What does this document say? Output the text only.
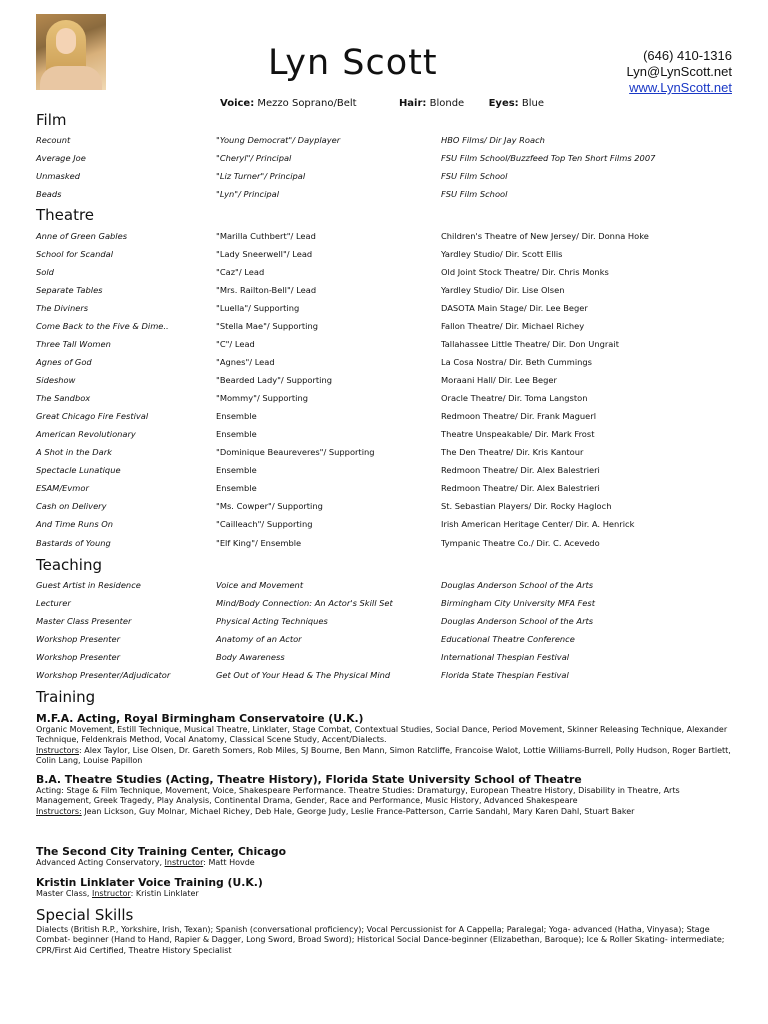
Lyn Scott	(646) 410-1316
Lyn@LynScott.net
www.LynScott.net
Voice: Mezzo Soprano/Belt	Hair: Blonde Eyes: Blue
Film
Theatre
Teaching
Training
Special Skills
Recount	"Young Democrat"/ Dayplayer	HBO Films/ Dir Jay Roach
Average Joe	"Cheryl"/ Principal	FSU Film School/Buzzfeed Top Ten Short Films 2007
Unmasked	"Liz Turner"/ Principal	FSU Film School
Beads	"Lyn"/ Principal	FSU Film School
Anne of Green Gables	"Marilla Cuthbert"/ Lead	Children's Theatre of New Jersey/ Dir. Donna Hoke
School for Scandal	"Lady Sneerwell"/ Lead	Yardley Studio/ Dir. Scott Ellis
Sold	"Caz"/ Lead	Old Joint Stock Theatre/ Dir. Chris Monks
Separate Tables	"Mrs. Railton-Bell"/ Lead	Yardley Studio/ Dir. Lise Olsen
The Diviners	"Luella"/ Supporting	DASOTA Main Stage/ Dir. Lee Beger
Come Back to the Five & Dime..	"Stella Mae"/ Supporting	Fallon Theatre/ Dir. Michael Richey
Three Tall Women	"C"/ Lead	Tallahassee Little Theatre/ Dir. Don Ungrait
Agnes of God	"Agnes"/ Lead	La Cosa Nostra/ Dir. Beth Cummings
Sideshow	"Bearded Lady"/ Supporting	Moraani Hall/ Dir. Lee Beger
The Sandbox	"Mommy"/ Supporting	Oracle Theatre/ Dir. Toma Langston
Great Chicago Fire Festival	Ensemble	Redmoon Theatre/ Dir. Frank Maguerl
American Revolutionary	Ensemble	Theatre Unspeakable/ Dir. Mark Frost
A Shot in the Dark	"Dominique Beaureveres"/ Supporting	The Den Theatre/ Dir. Kris Kantour
Spectacle Lunatique	Ensemble	Redmoon Theatre/ Dir. Alex Balestrieri
ESAM/Evmor	Ensemble	Redmoon Theatre/ Dir. Alex Balestrieri
Cash on Delivery	"Ms. Cowper"/ Supporting	St. Sebastian Players/ Dir. Rocky Hagloch
And Time Runs On	"Cailleach"/ Supporting	Irish American Heritage Center/ Dir. A. Henrick
Bastards of Young	"Elf King"/ Ensemble	Tympanic Theatre Co./ Dir. C. Acevedo
Guest Artist in Residence	Voice and Movement	Douglas Anderson School of the Arts
Lecturer	Mind/Body Connection: An Actor's Skill Set	Birmingham City University MFA Fest
Master Class Presenter	Physical Acting Techniques	Douglas Anderson School of the Arts
Workshop Presenter	Anatomy of an Actor	Educational Theatre Conference
Workshop Presenter	Body Awareness	International Thespian Festival
Workshop Presenter/Adjudicator	Get Out of Your Head & The Physical Mind	Florida State Thespian Festival
M.F.A. Acting, Royal Birmingham Conservatoire (U.K.)
Organic Movement, Estill Technique, Musical Theatre, Linklater, Stage Combat, Contextual Studies, Social Dance, Period Movement, Skinner Releasing Technique, Alexander Technique, Feldenkrais Method, Vocal Anatomy, Classical Scene Study, Accent/Dialects.
Instructors: Alex Taylor, Lise Olsen, Dr. Gareth Somers, Rob Miles, SJ Bourne, Ben Mann, Simon Ratcliffe, Francoise Walot, Lottie Williams-Burrell, Polly Hudson, Roger Bartlett, Colin Lang, Louise Papillon
B.A. Theatre Studies (Acting, Theatre History), Florida State University School of Theatre
Acting: Stage & Film Technique, Movement, Voice, Shakespeare Performance. Theatre Studies: Dramaturgy, European Theatre History, Disability in Theatre, Arts Management, Greek Tragedy, Play Analysis, Continental Drama, Gender, Race and Performance, Music History, Advanced Shakespeare
Instructors: Jean Lickson, Guy Molnar, Michael Richey, Deb Hale, George Judy, Leslie France-Patterson, Carrie Sandahl, Mary Karen Dahl, Stuart Baker
The Second City Training Center, Chicago
Advanced Acting Conservatory, Instructor: Matt Hovde
Kristin Linklater Voice Training (U.K.)
Master Class, Instructor: Kristin Linklater
Dialects (British R.P., Yorkshire, Irish, Texan); Spanish (conversational proficiency); Vocal Percussionist for A Cappella; Paralegal; Yoga- advanced (Hatha, Vinyasa); Stage Combat- beginner (Hand to Hand, Rapier & Dagger, Long Sword, Broad Sword); Historical Social Dance-beginner (Elizabethan, Baroque); Ice & Roller Skating- intermediate; CPR/First Aid Certified, Theatre History Specialist
